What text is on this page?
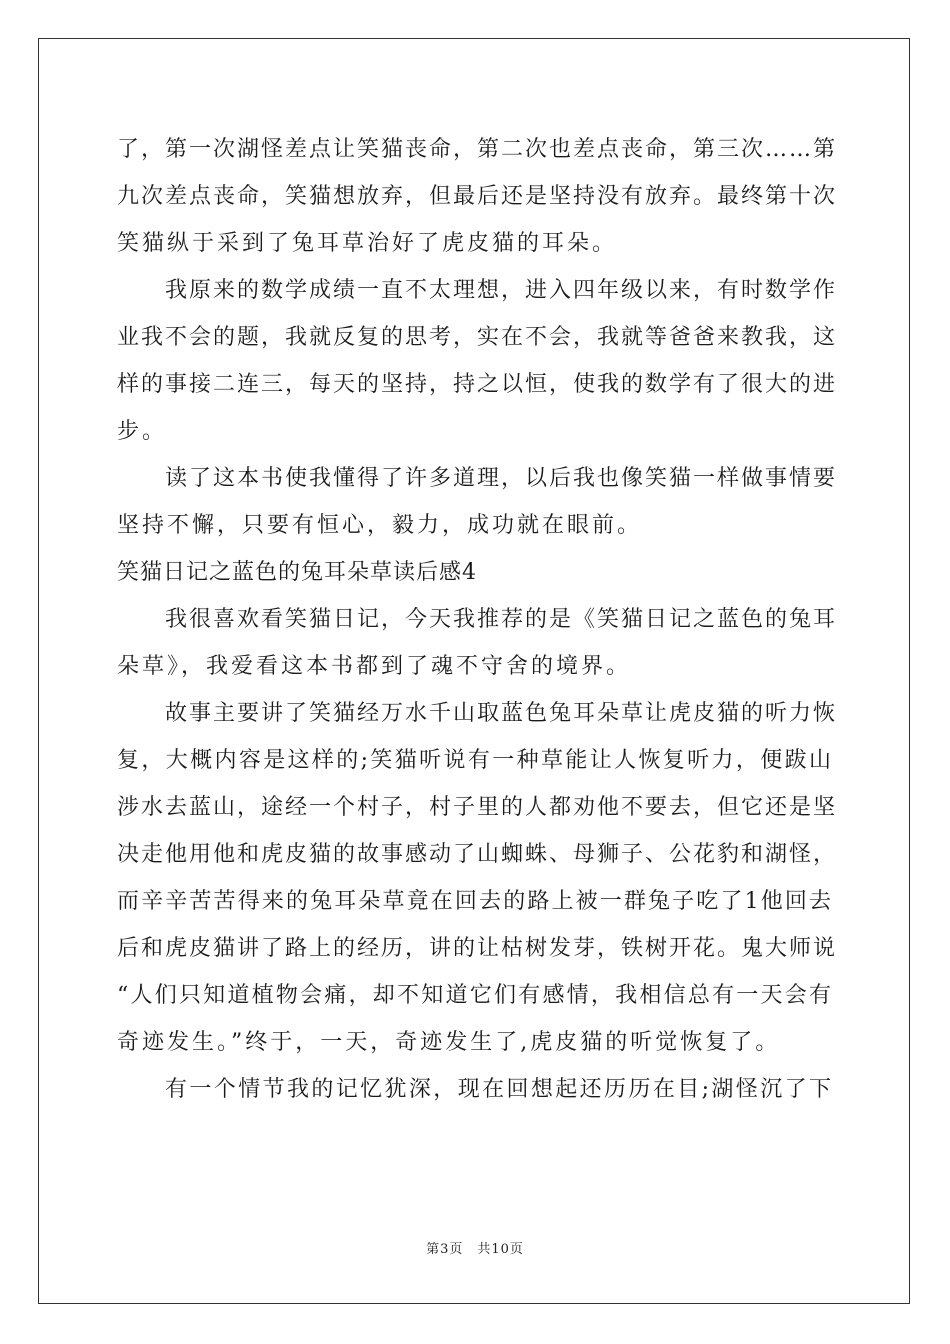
了，第一次湖怪差点让笑猫丧命，第二次也差点丧命，第三次……第
九次差点丧命，笑猫想放弃，但最后还是坚持没有放弃。最终第十次
笑猫纵于采到了兔耳草治好了虎皮猫的耳朵。
我原来的数学成绩一直不太理想，进入四年级以来，有时数学作
业我不会的题，我就反复的思考，实在不会，我就等爸爸来教我，这
样的事接二连三，每天的坚持，持之以恒，使我的数学有了很大的进
步。
读了这本书使我懂得了许多道理，以后我也像笑猫一样做事情要
坚持不懈，只要有恒心，毅力，成功就在眼前。
笑猫日记之蓝色的兔耳朵草读后感4
我很喜欢看笑猫日记，今天我推荐的是《笑猫日记之蓝色的兔耳
朵草》，我爱看这本书都到了魂不守舍的境界。
故事主要讲了笑猫经万水千山取蓝色兔耳朵草让虎皮猫的听力恢
复，大概内容是这样的;笑猫听说有一种草能让人恢复听力，便跋山
涉水去蓝山，途经一个村子，村子里的人都劝他不要去，但它还是坚
决走他用他和虎皮猫的故事感动了山蜘蛛、母狮子、公花豹和湖怪，
而辛辛苦苦得来的兔耳朵草竟在回去的路上被一群兔子吃了1他回去
后和虎皮猫讲了路上的经历，讲的让枯树发芽，铁树开花。鬼大师说
“人们只知道植物会痛，却不知道它们有感情，我相信总有一天会有
奇迹发生。”终于，一天，奇迹发生了,虎皮猫的听觉恢复了。
有一个情节我的记忆犹深，现在回想起还历历在目;湖怪沉了下
第3页 共10页
